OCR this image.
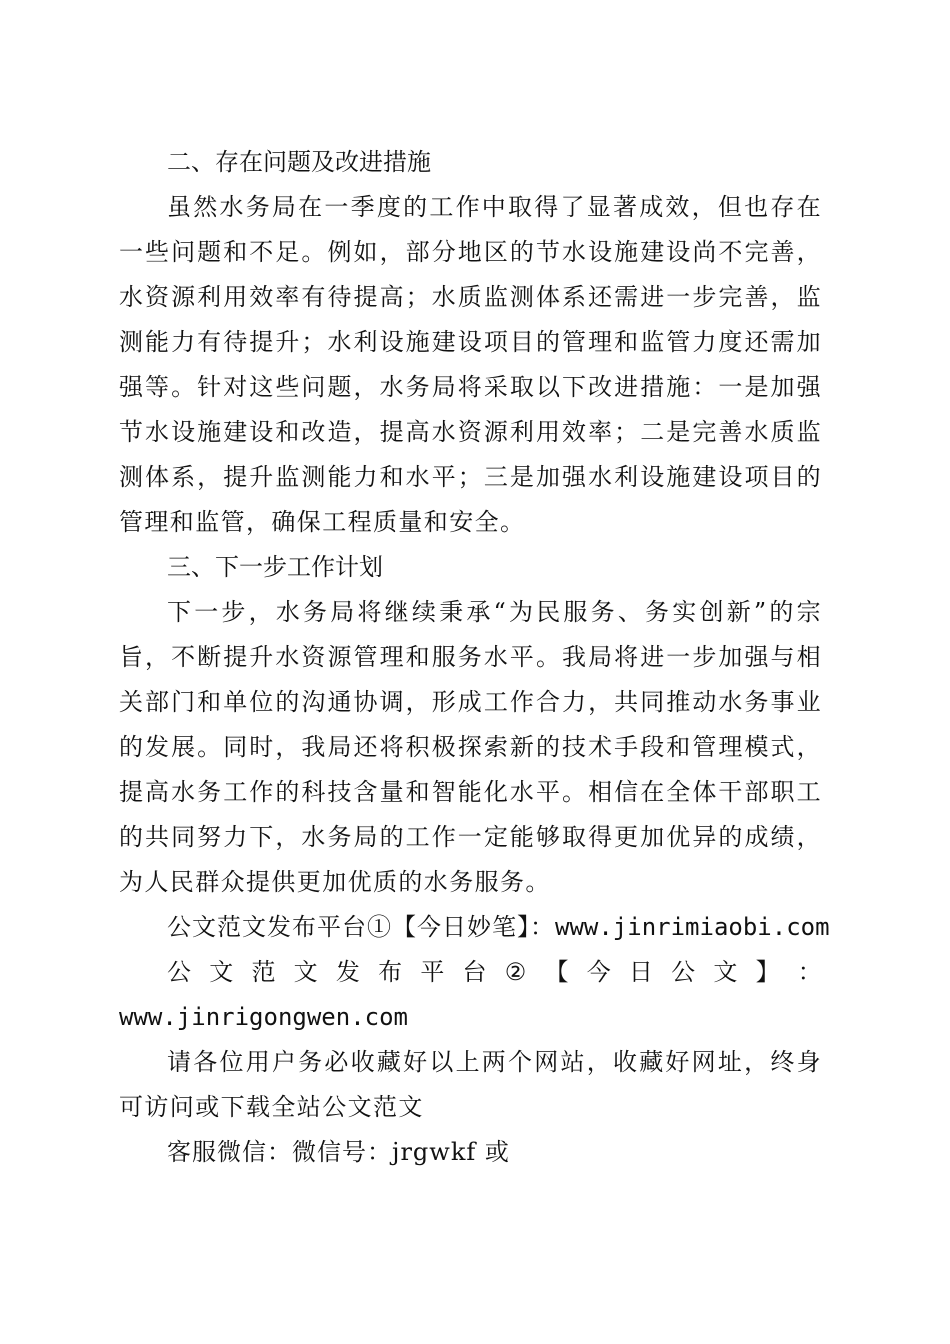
二、存在问题及改进措施

虽然水务局在一季度的工作中取得了显著成效，但也存在一些问题和不足。例如，部分地区的节水设施建设尚不完善，水资源利用效率有待提高；水质监测体系还需进一步完善，监测能力有待提升；水利设施建设项目的管理和监管力度还需加强等。针对这些问题，水务局将采取以下改进措施：一是加强节水设施建设和改造，提高水资源利用效率；二是完善水质监测体系，提升监测能力和水平；三是加强水利设施建设项目的管理和监管，确保工程质量和安全。

三、下一步工作计划

下一步，水务局将继续秉承“为民服务、务实创新”的宗旨，不断提升水资源管理和服务水平。我局将进一步加强与相关部门和单位的沟通协调，形成工作合力，共同推动水务事业的发展。同时，我局还将积极探索新的技术手段和管理模式，提高水务工作的科技含量和智能化水平。相信在全体干部职工的共同努力下，水务局的工作一定能够取得更加优异的成绩，为人民群众提供更加优质的水务服务。

公文范文发布平台①【今日妙笔】：www.jinrimiaobi.com
公 文 范 文 发 布 平 台 ② 【 今 日 公 文 】 ：
www.jinrigongwen.com

请各位用户务必收藏好以上两个网站，收藏好网址，终身可访问或下载全站公文范文

客服微信：微信号：jrgwkf 或
